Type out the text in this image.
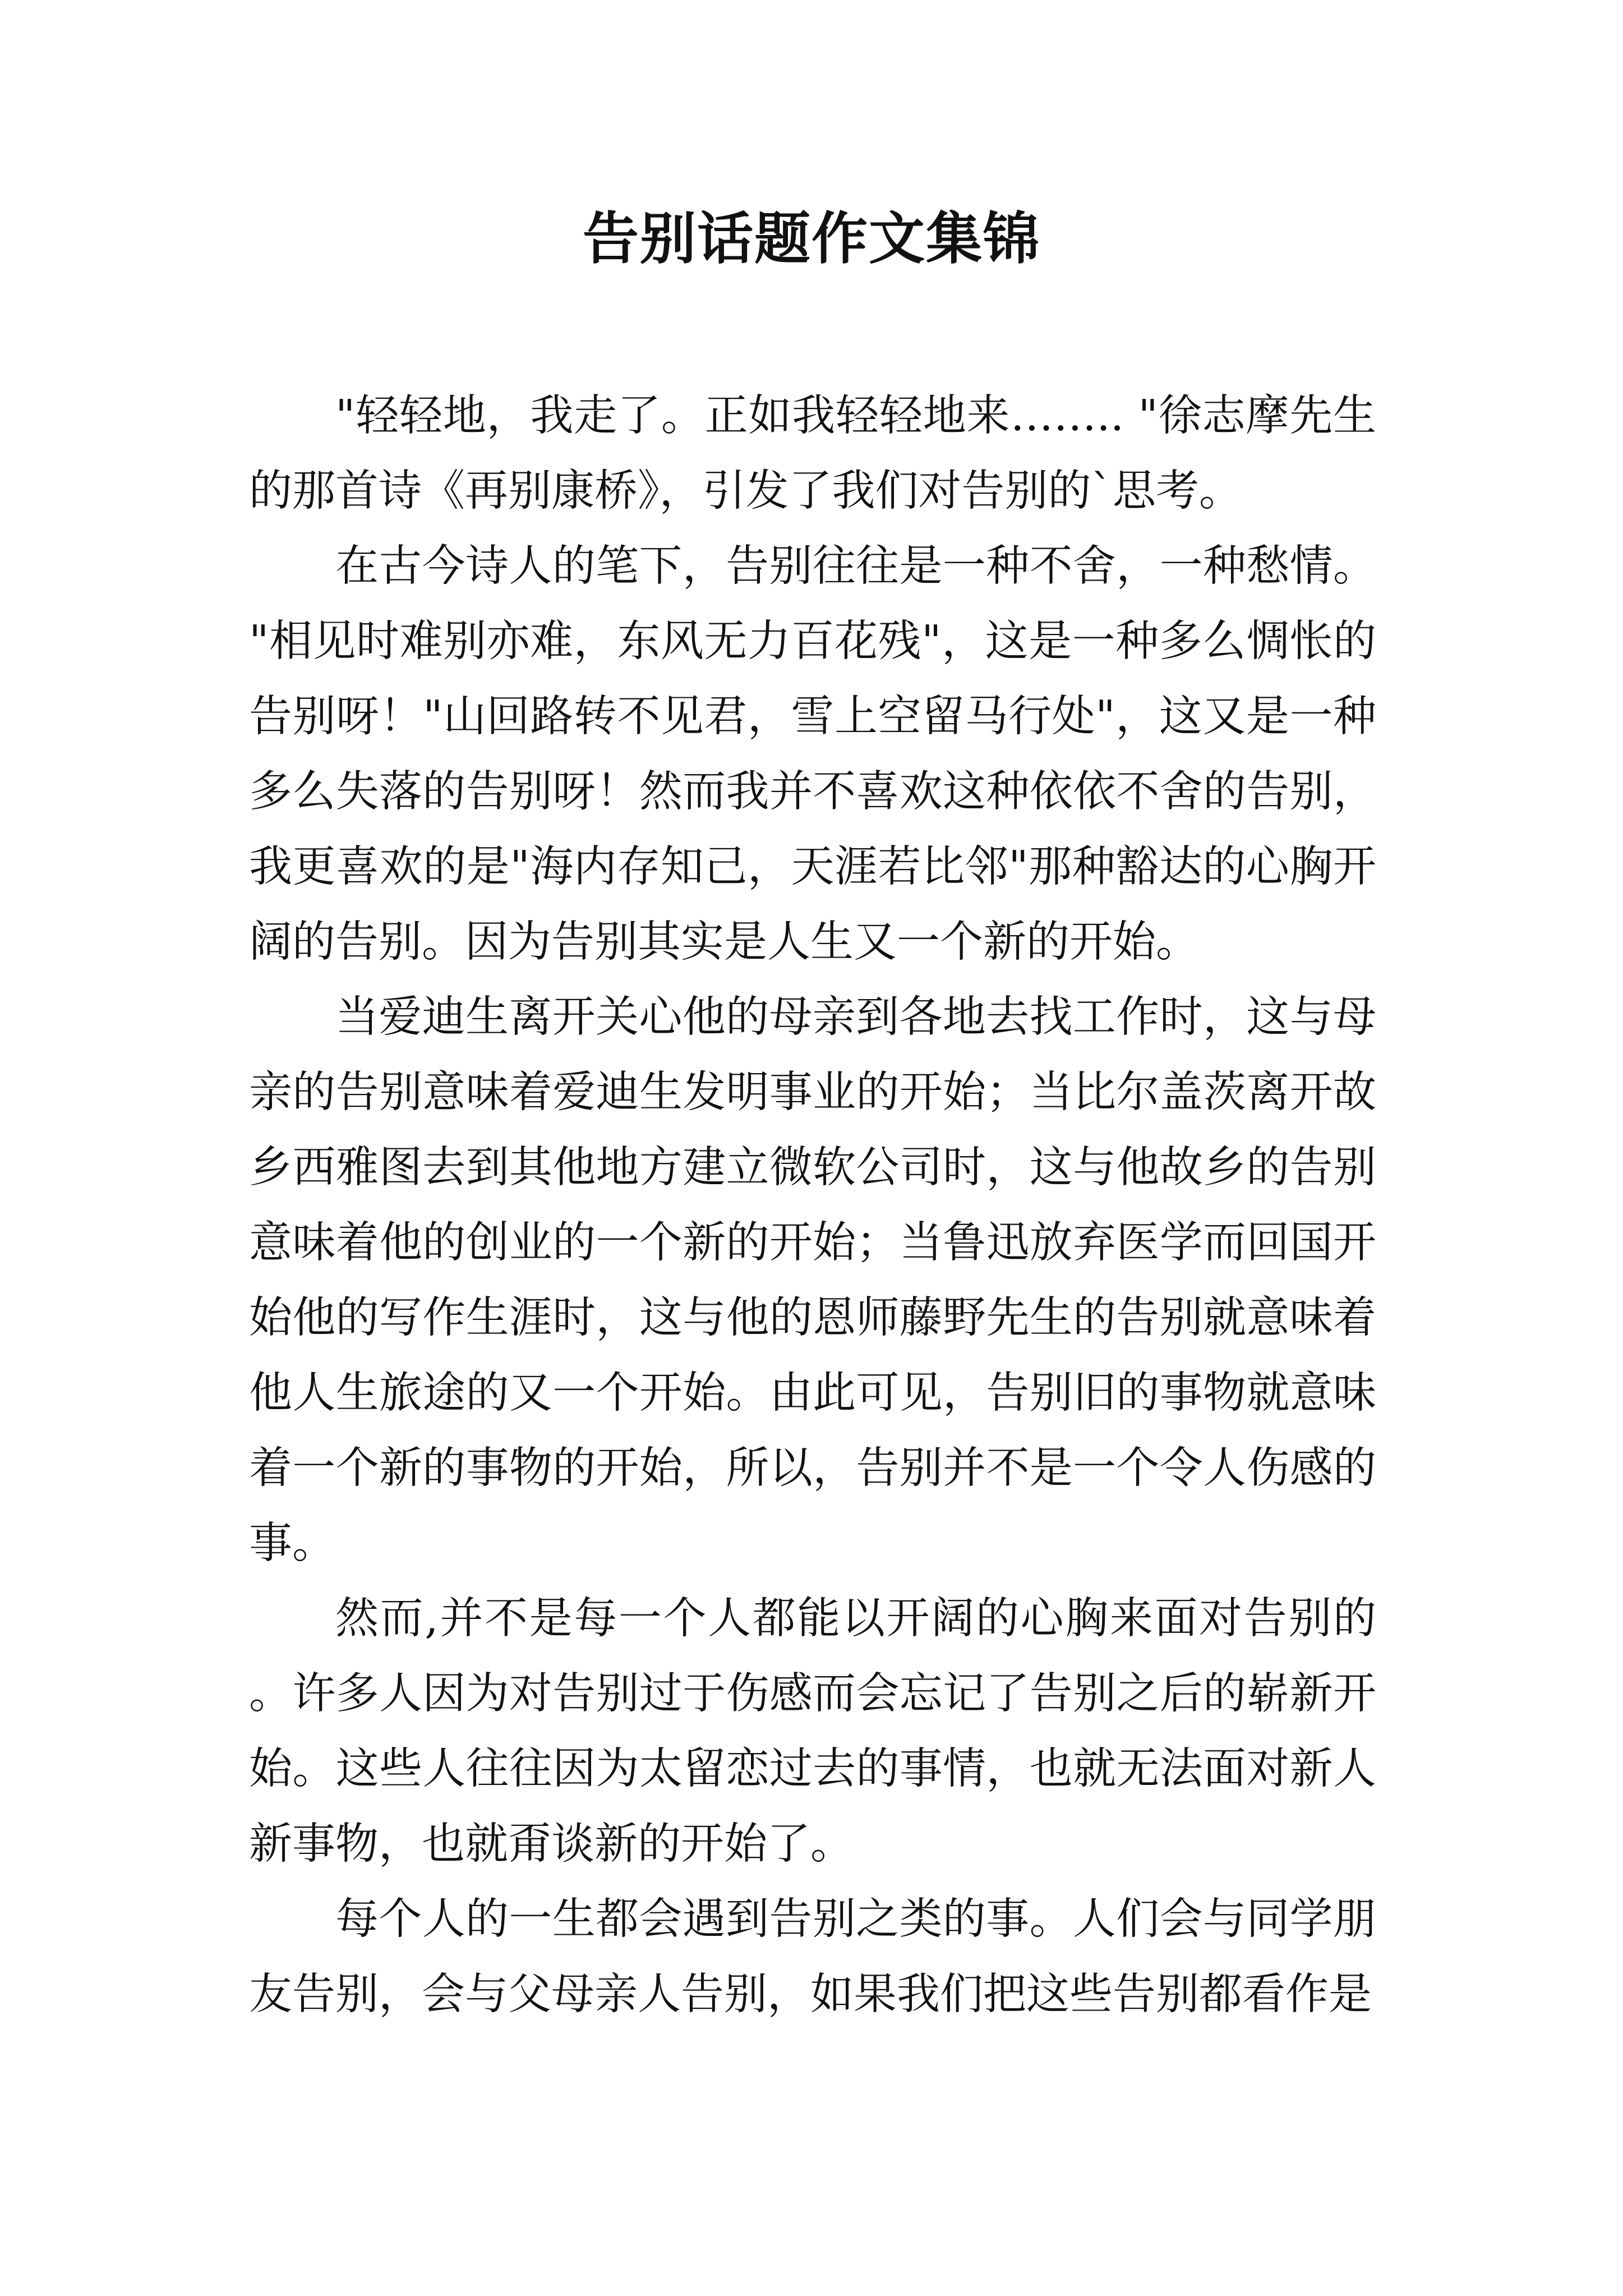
告别话题作文集锦

"轻轻地，我走了。正如我轻轻地来…….. "徐志摩先生的那首诗《再别康桥》，引发了我们对告别的`思考。

在古今诗人的笔下，告别往往是一种不舍，一种愁情。"相见时难别亦难，东风无力百花残"，这是一种多么惆怅的告别呀！"山回路转不见君，雪上空留马行处"，这又是一种多么失落的告别呀！然而我并不喜欢这种依依不舍的告别，我更喜欢的是"海内存知己，天涯若比邻"那种豁达的心胸开阔的告别。因为告别其实是人生又一个新的开始。

当爱迪生离开关心他的母亲到各地去找工作时，这与母亲的告别意味着爱迪生发明事业的开始；当比尔盖茨离开故乡西雅图去到其他地方建立微软公司时，这与他故乡的告别意味着他的创业的一个新的开始；当鲁迅放弃医学而回国开始他的写作生涯时，这与他的恩师藤野先生的告别就意味着他人生旅途的又一个开始。由此可见，告别旧的事物就意味着一个新的事物的开始，所以，告别并不是一个令人伤感的事。

然而,并不是每一个人都能以开阔的心胸来面对告别的。许多人因为对告别过于伤感而会忘记了告别之后的崭新开始。这些人往往因为太留恋过去的事情，也就无法面对新人新事物，也就甭谈新的开始了。

每个人的一生都会遇到告别之类的事。人们会与同学朋友告别，会与父母亲人告别，如果我们把这些告别都看作是
